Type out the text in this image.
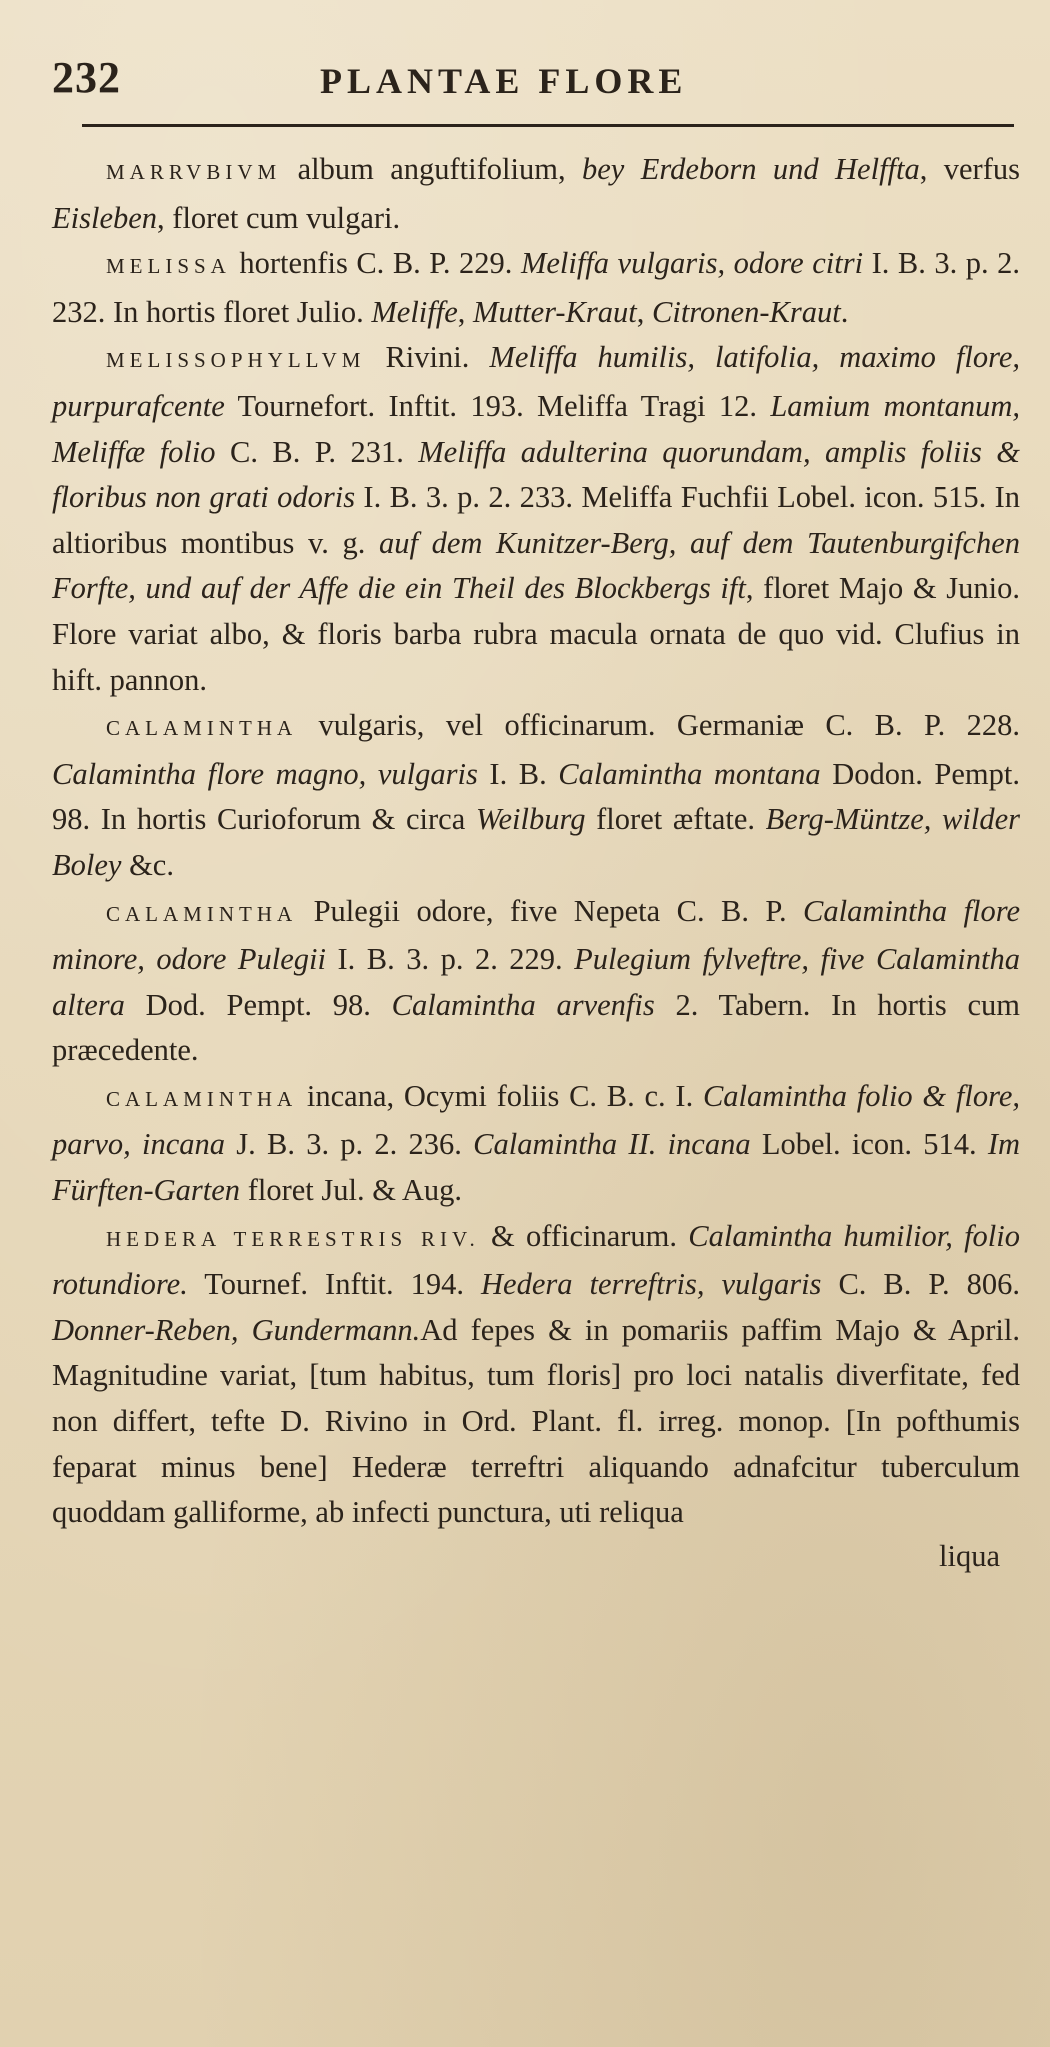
232	PLANTAE FLORE

MARRVBIVM album anguftifolium, bey Erdeborn und Helffta, verfus Eisleben, floret cum vulgari.

MELISSA hortenfis C. B. P. 229. Meliffa vulgaris, odore citri I. B. 3. p. 2. 232. In hortis floret Julio. Meliffe, Mutter-Kraut, Citronen-Kraut.

MELISSOPHYLLVM Rivini. Meliffa humilis, latifolia, maximo flore, purpurafcente Tournefort. Inftit. 193. Meliffa Tragi 12. Lamium montanum, Meliffæ folio C. B. P. 231. Meliffa adulterina quorundam, amplis foliis & floribus non grati odoris I. B. 3. p. 2. 233. Meliffa Fuchfii Lobel. icon. 515. In altioribus montibus v. g. auf dem Kunitzer-Berg, auf dem Tautenburgifchen Forfte, und auf der Affe die ein Theil des Blockbergs ift, floret Majo & Junio. Flore variat albo, & floris barba rubra macula ornata de quo vid. Clufius in hift. pannon.

CALAMINTHA vulgaris, vel officinarum. Germaniæ C. B. P. 228. Calamintha flore magno, vulgaris I. B. Calamintha montana Dodon. Pempt. 98. In hortis Curioforum & circa Weilburg floret æftate. Berg-Müntze, wilder Boley &c.

CALAMINTHA Pulegii odore, five Nepeta C. B. P. Calamintha flore minore, odore Pulegii I. B. 3. p. 2. 229. Pulegium fylveftre, five Calamintha altera Dod. Pempt. 98. Calamintha arvenfis 2. Tabern. In hortis cum præcedente.

CALAMINTHA incana, Ocymi foliis C. B. c. I. Calamintha folio & flore, parvo, incana J. B. 3. p. 2. 236. Calamintha II. incana Lobel. icon. 514. Im Fürften-Garten floret Jul. & Aug.

HEDERA TERRESTRIS RIV. & officinarum. Calamintha humilior, folio rotundiore. Tournef. Inftit. 194. Hedera terreftris, vulgaris C. B. P. 806. Donner-Reben, Gundermann.Ad fepes & in pomariis paffim Majo & April. Magnitudine variat, [tum habitus, tum floris] pro loci natalis diverfitate, fed non differt, tefte D. Rivino in Ord. Plant. fl. irreg. monop. [In pofthumis feparat minus bene] Hederæ terreftri aliquando adnafcitur tuberculum quoddam galliforme, ab infecti punctura, uti reliqua

liqua
